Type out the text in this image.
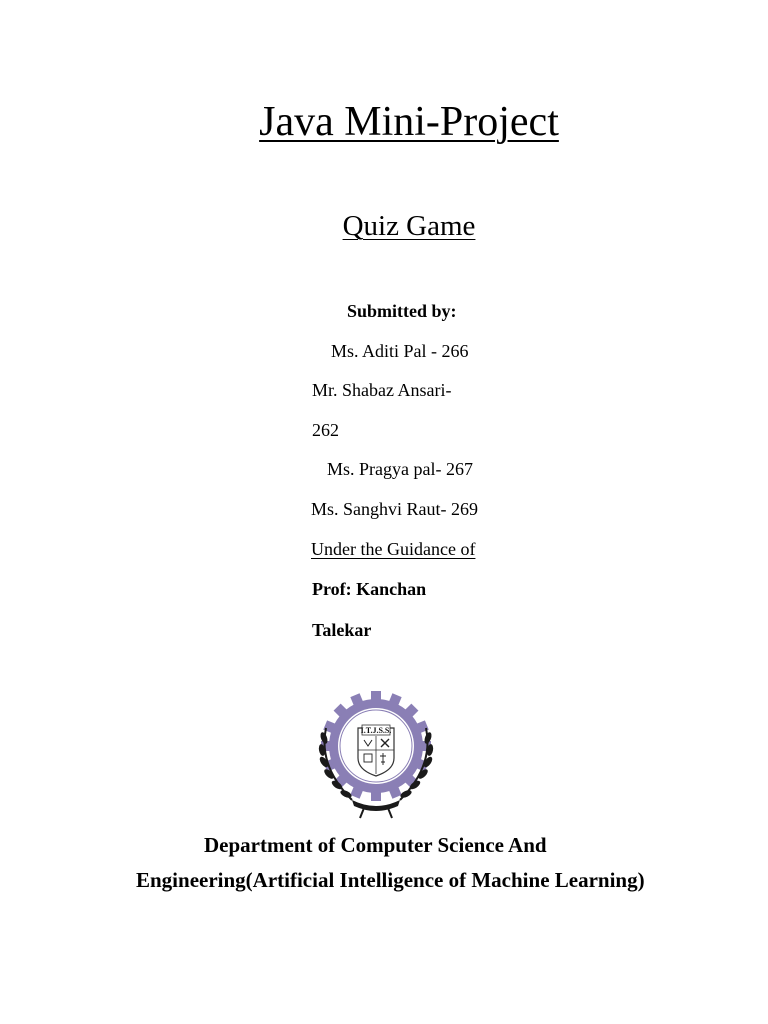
Java Mini-Project
Quiz Game
Submitted by:
Ms. Aditi Pal - 266
Mr. Shabaz Ansari-
262
Ms. Pragya pal- 267
Ms. Sanghvi Raut- 269
Under the Guidance of
Prof: Kanchan
Talekar
I.T.J.S.S.
Department of Computer Science And
Engineering(Artificial Intelligence of Machine Learning)
